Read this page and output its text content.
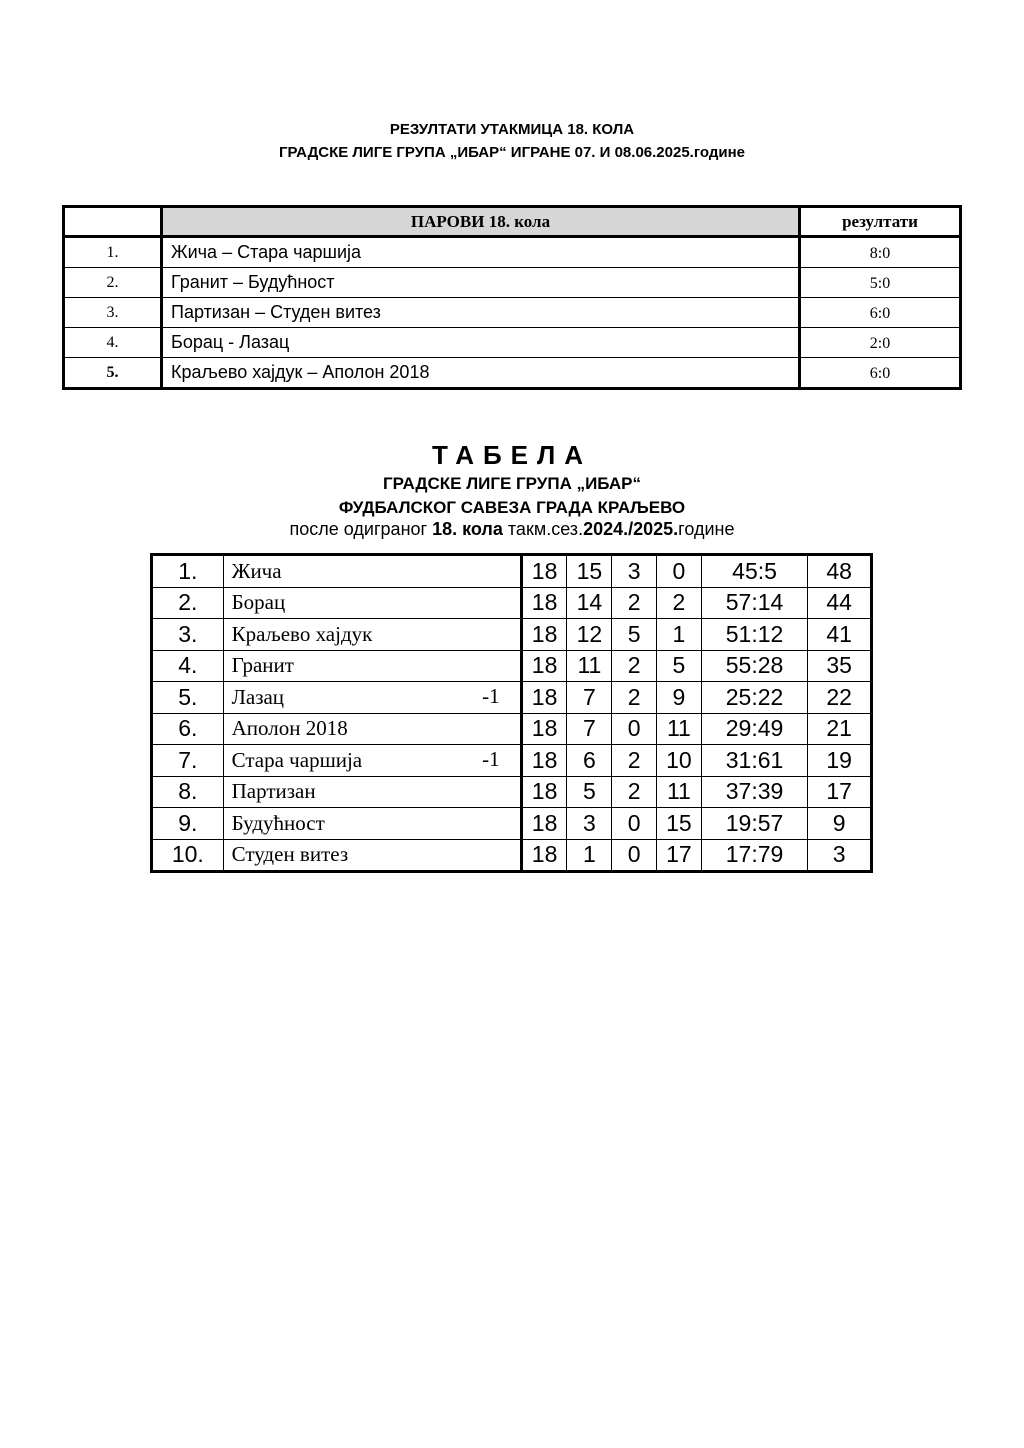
РЕЗУЛТАТИ УТАКМИЦА 18. КОЛА
ГРАДСКЕ ЛИГЕ ГРУПА „ИБАР“ ИГРАНЕ 07. И 08.06.2025.године
	ПАРОВИ 18. кола	резултати
1.	Жича – Стара чаршија	8:0
2.	Гранит – Будућност	5:0
3.	Партизан – Студен витез	6:0
4.	Борац - Лазац	2:0
5.	Краљево хајдук – Аполон 2018	6:0
ТАБЕЛА
ГРАДСКЕ ЛИГЕ ГРУПА „ИБАР“
ФУДБАЛСКОГ САВЕЗА ГРАДА КРАЉЕВО
после одиграног 18. кола такм.сез.2024./2025.године
1.	Жича	18	15	3	0	45:5	48
2.	Борац	18	14	2	2	57:14	44
3.	Краљево хајдук	18	12	5	1	51:12	41
4.	Гранит	18	11	2	5	55:28	35
5.	Лазац -1	18	7	2	9	25:22	22
6.	Аполон 2018	18	7	0	11	29:49	21
7.	Стара чаршија -1	18	6	2	10	31:61	19
8.	Партизан	18	5	2	11	37:39	17
9.	Будућност	18	3	0	15	19:57	9
10.	Студен витез	18	1	0	17	17:79	3
